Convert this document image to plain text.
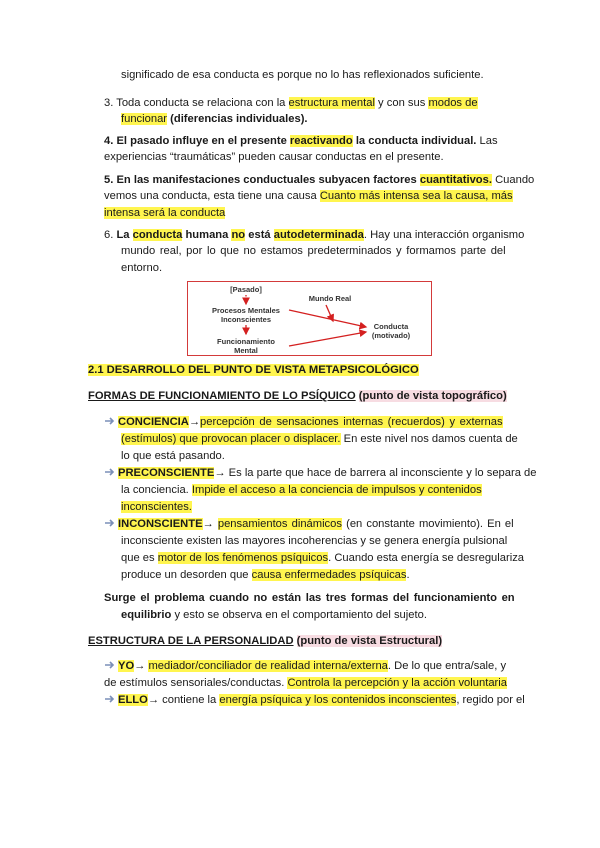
significado de esa conducta es porque no lo has reflexionados suficiente.
3. Toda conducta se relaciona con la estructura mental y con sus modos de
funcionar (diferencias individuales).
4. El pasado influye en el presente reactivando la conducta individual. Las
experiencias “traumáticas” pueden causar conductas en el presente.
5. En las manifestaciones conductuales subyacen factores cuantitativos. Cuando
vemos una conducta, esta tiene una causa Cuanto más intensa sea la causa, más
intensa será la conducta
6. La conducta humana no está autodeterminada. Hay una interacción organismo
mundo real, por lo que no estamos predeterminados y formamos parte del
entorno.
[Pasado]
Procesos Mentales
Inconscientes
Funcionamiento
Mental
Mundo Real
Conducta
(motivado)
2.1 DESARROLLO DEL PUNTO DE VISTA METAPSICOLÓGICO
FORMAS DE FUNCIONAMIENTO DE LO PSÍQUICO (punto de vista topográfico)
CONCIENCIA→percepción de sensaciones internas (recuerdos) y externas
(estímulos) que provocan placer o displacer. En este nivel nos damos cuenta de
lo que está pasando.
PRECONSCIENTE→ Es la parte que hace de barrera al inconsciente y lo separa de
la conciencia. Impide el acceso a la conciencia de impulsos y contenidos
inconscientes.
INCONSCIENTE→ pensamientos dinámicos (en constante movimiento). En el
inconsciente existen las mayores incoherencias y se genera energía pulsional
que es motor de los fenómenos psíquicos. Cuando esta energía se desregulariza
produce un desorden que causa enfermedades psíquicas.
Surge el problema cuando no están las tres formas del funcionamiento en
equilibrio y esto se observa en el comportamiento del sujeto.
ESTRUCTURA DE LA PERSONALIDAD (punto de vista Estructural)
YO→ mediador/conciliador de realidad interna/externa. De lo que entra/sale, y
de estímulos sensoriales/conductas. Controla la percepción y la acción voluntaria
ELLO→ contiene la energía psíquica y los contenidos inconscientes, regido por el
